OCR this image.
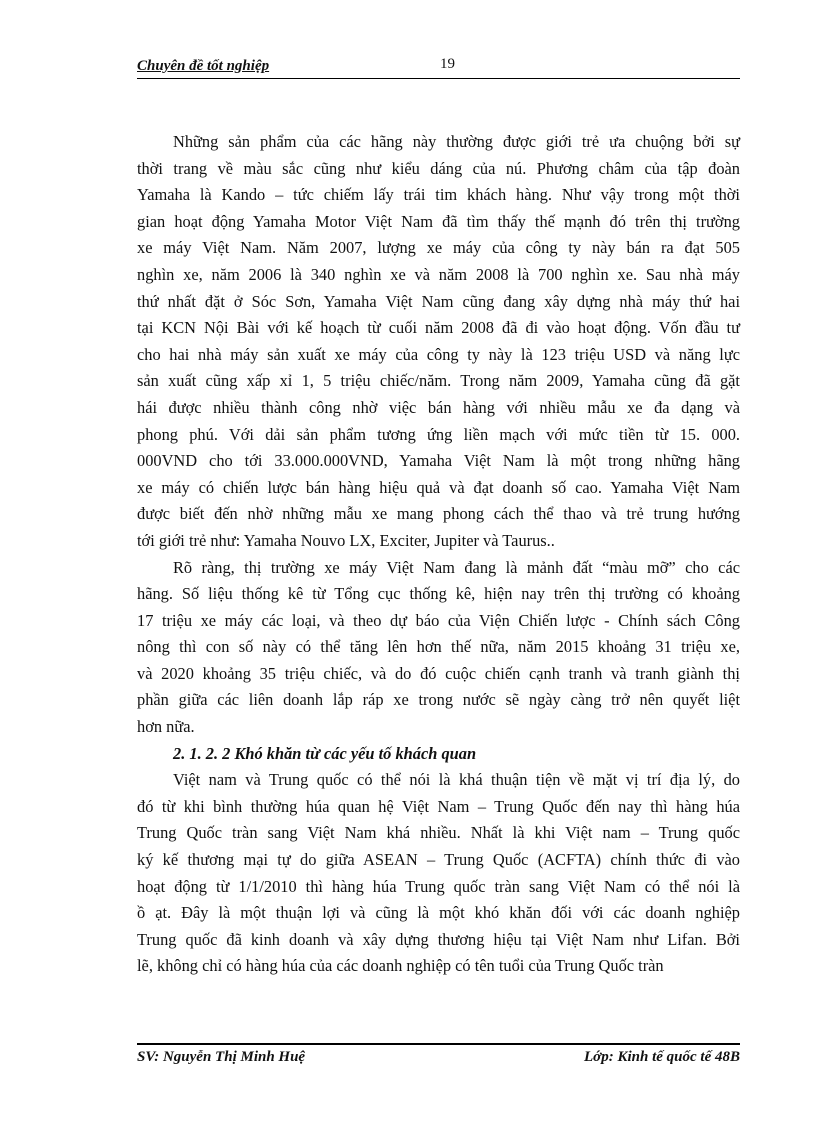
Chuyên đề tốt nghiệp	19
Những sản phẩm của các hãng này thường được giới trẻ ưa chuộng bởi sự
thời trang về màu sắc cũng như kiểu dáng của nú. Phương châm của tập đoàn
Yamaha là Kando – tức chiếm lấy trái tim khách hàng. Như vậy trong một thời
gian hoạt động Yamaha Motor Việt Nam đã tìm thấy thế mạnh đó trên thị trường
xe máy Việt Nam. Năm 2007, lượng xe máy của công ty này bán ra đạt 505
nghìn xe, năm 2006 là 340 nghìn xe và năm 2008 là 700 nghìn xe. Sau nhà máy
thứ nhất đặt ở Sóc Sơn, Yamaha Việt Nam cũng đang xây dựng nhà máy thứ hai
tại KCN Nội Bài với kế hoạch từ cuối năm 2008 đã đi vào hoạt động. Vốn đầu tư
cho hai nhà máy sản xuất xe máy của công ty này là 123 triệu USD và năng lực
sản xuất cũng xấp xỉ 1, 5 triệu chiếc/năm. Trong năm 2009, Yamaha cũng đã gặt
hái được nhiều thành công nhờ việc bán hàng với nhiều mẫu xe đa dạng và
phong phú. Với dải sản phẩm tương ứng liền mạch với mức tiền từ 15. 000.
000VND cho tới 33.000.000VND, Yamaha Việt Nam là một trong những hãng
xe máy có chiến lược bán hàng hiệu quả và đạt doanh số cao. Yamaha Việt Nam
được biết đến nhờ những mẫu xe mang phong cách thể thao và trẻ trung hướng
tới giới trẻ như: Yamaha Nouvo LX, Exciter, Jupiter và Taurus..
Rõ ràng, thị trường xe máy Việt Nam đang là mảnh đất “màu mỡ” cho các
hãng. Số liệu thống kê từ Tổng cục thống kê, hiện nay trên thị trường có khoảng
17 triệu xe máy các loại, và theo dự báo của Viện Chiến lược - Chính sách Công
nông thì con số này có thể tăng lên hơn thế nữa, năm 2015 khoảng 31 triệu xe,
và 2020 khoảng 35 triệu chiếc, và do đó cuộc chiến cạnh tranh và tranh giành thị
phần giữa các liên doanh lắp ráp xe trong nước sẽ ngày càng trở nên quyết liệt
hơn nữa.
2. 1. 2. 2 Khó khăn từ các yếu tố khách quan
Việt nam và Trung quốc có thể nói là khá thuận tiện về mặt vị trí địa lý, do
đó từ khi bình thường húa quan hệ Việt Nam – Trung Quốc đến nay thì hàng húa
Trung Quốc tràn sang Việt Nam khá nhiều. Nhất là khi Việt nam – Trung quốc
ký kế thương mại tự do giữa ASEAN – Trung Quốc (ACFTA) chính thức đi vào
hoạt động từ 1/1/2010 thì hàng húa Trung quốc tràn sang Việt Nam có thể nói là
ồ ạt. Đây là một thuận lợi và cũng là một khó khăn đối với các doanh nghiệp
Trung quốc đã kinh doanh và xây dựng thương hiệu tại Việt Nam như Lifan. Bởi
lẽ, không chỉ có hàng húa của các doanh nghiệp có tên tuổi của Trung Quốc tràn
SV: Nguyễn Thị Minh Huệ	Lớp: Kinh tế quốc tế 48B
